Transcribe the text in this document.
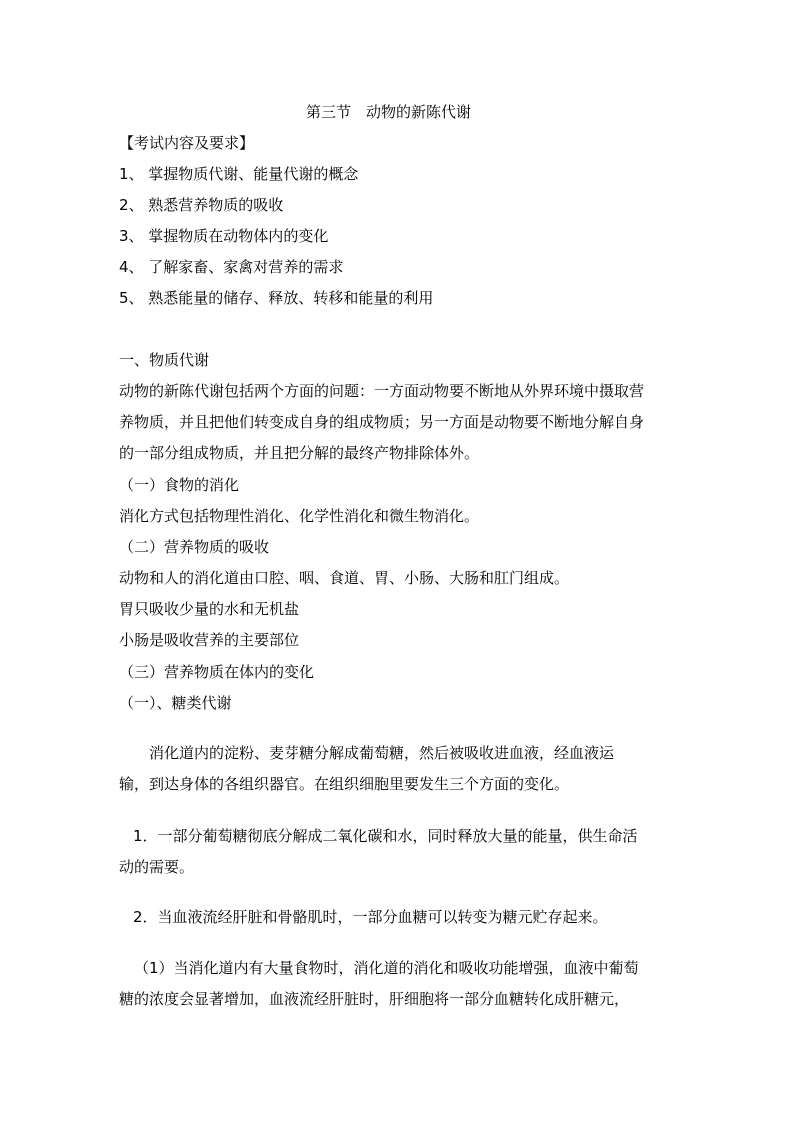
第三节　动物的新陈代谢
【考试内容及要求】
1、 掌握物质代谢、能量代谢的概念
2、 熟悉营养物质的吸收
3、 掌握物质在动物体内的变化
4、 了解家畜、家禽对营养的需求
5、 熟悉能量的储存、释放、转移和能量的利用
一、物质代谢
动物的新陈代谢包括两个方面的问题：一方面动物要不断地从外界环境中摄取营
养物质，并且把他们转变成自身的组成物质；另一方面是动物要不断地分解自身
的一部分组成物质，并且把分解的最终产物排除体外。
（一）食物的消化
消化方式包括物理性消化、化学性消化和微生物消化。
（二）营养物质的吸收
动物和人的消化道由口腔、咽、食道、胃、小肠、大肠和肛门组成。
胃只吸收少量的水和无机盐
小肠是吸收营养的主要部位
（三）营养物质在体内的变化
（一）、糖类代谢
消化道内的淀粉、麦芽糖分解成葡萄糖，然后被吸收进血液，经血液运
输，到达身体的各组织器官。在组织细胞里要发生三个方面的变化。
1．一部分葡萄糖彻底分解成二氧化碳和水，同时释放大量的能量，供生命活
动的需要。
2．当血液流经肝脏和骨骼肌时，一部分血糖可以转变为糖元贮存起来。
（1）当消化道内有大量食物时，消化道的消化和吸收功能增强，血液中葡萄
糖的浓度会显著增加，血液流经肝脏时，肝细胞将一部分血糖转化成肝糖元，
